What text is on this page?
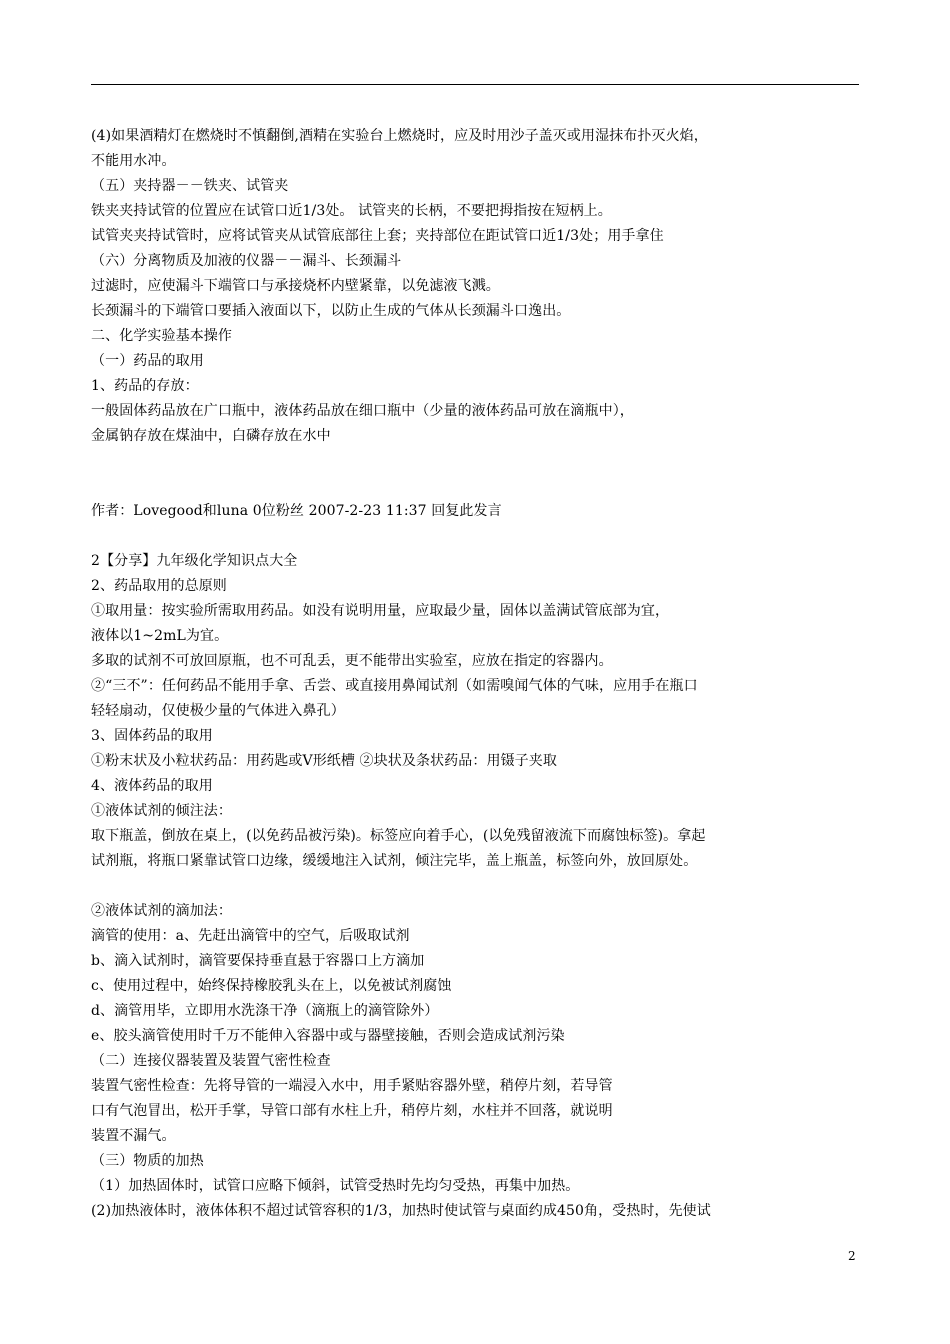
(4)如果酒精灯在燃烧时不慎翻倒,酒精在实验台上燃烧时，应及时用沙子盖灭或用湿抹布扑灭火焰，
不能用水冲。
（五）夹持器－－铁夹、试管夹
铁夹夹持试管的位置应在试管口近1/3处。 试管夹的长柄，不要把拇指按在短柄上。
试管夹夹持试管时，应将试管夹从试管底部往上套；夹持部位在距试管口近1/3处；用手拿住
（六）分离物质及加液的仪器－－漏斗、长颈漏斗
过滤时，应使漏斗下端管口与承接烧杯内壁紧靠，以免滤液飞溅。
长颈漏斗的下端管口要插入液面以下，以防止生成的气体从长颈漏斗口逸出。
二、化学实验基本操作
（一）药品的取用
1、药品的存放：
一般固体药品放在广口瓶中，液体药品放在细口瓶中（少量的液体药品可放在滴瓶中），
金属钠存放在煤油中，白磷存放在水中
作者：Lovegood和luna 0位粉丝 2007-2-23 11:37 回复此发言
2【分享】九年级化学知识点大全
2、药品取用的总原则
①取用量：按实验所需取用药品。如没有说明用量，应取最少量，固体以盖满试管底部为宜，
液体以1~2mL为宜。
多取的试剂不可放回原瓶，也不可乱丢，更不能带出实验室，应放在指定的容器内。
②“三不”：任何药品不能用手拿、舌尝、或直接用鼻闻试剂（如需嗅闻气体的气味，应用手在瓶口
轻轻扇动，仅使极少量的气体进入鼻孔）
3、固体药品的取用
①粉末状及小粒状药品：用药匙或V形纸槽 ②块状及条状药品：用镊子夹取
4、液体药品的取用
①液体试剂的倾注法：
取下瓶盖，倒放在桌上，(以免药品被污染)。标签应向着手心，(以免残留液流下而腐蚀标签)。拿起
试剂瓶，将瓶口紧靠试管口边缘，缓缓地注入试剂，倾注完毕，盖上瓶盖，标签向外，放回原处。
②液体试剂的滴加法：
滴管的使用：a、先赶出滴管中的空气，后吸取试剂
b、滴入试剂时，滴管要保持垂直悬于容器口上方滴加
c、使用过程中，始终保持橡胶乳头在上，以免被试剂腐蚀
d、滴管用毕，立即用水洗涤干净（滴瓶上的滴管除外）
e、胶头滴管使用时千万不能伸入容器中或与器壁接触，否则会造成试剂污染
（二）连接仪器装置及装置气密性检查
装置气密性检查：先将导管的一端浸入水中，用手紧贴容器外壁，稍停片刻，若导管
口有气泡冒出，松开手掌，导管口部有水柱上升，稍停片刻，水柱并不回落，就说明
装置不漏气。
（三）物质的加热
（1）加热固体时，试管口应略下倾斜，试管受热时先均匀受热，再集中加热。
(2)加热液体时，液体体积不超过试管容积的1/3，加热时使试管与桌面约成450角，受热时，先使试
2
